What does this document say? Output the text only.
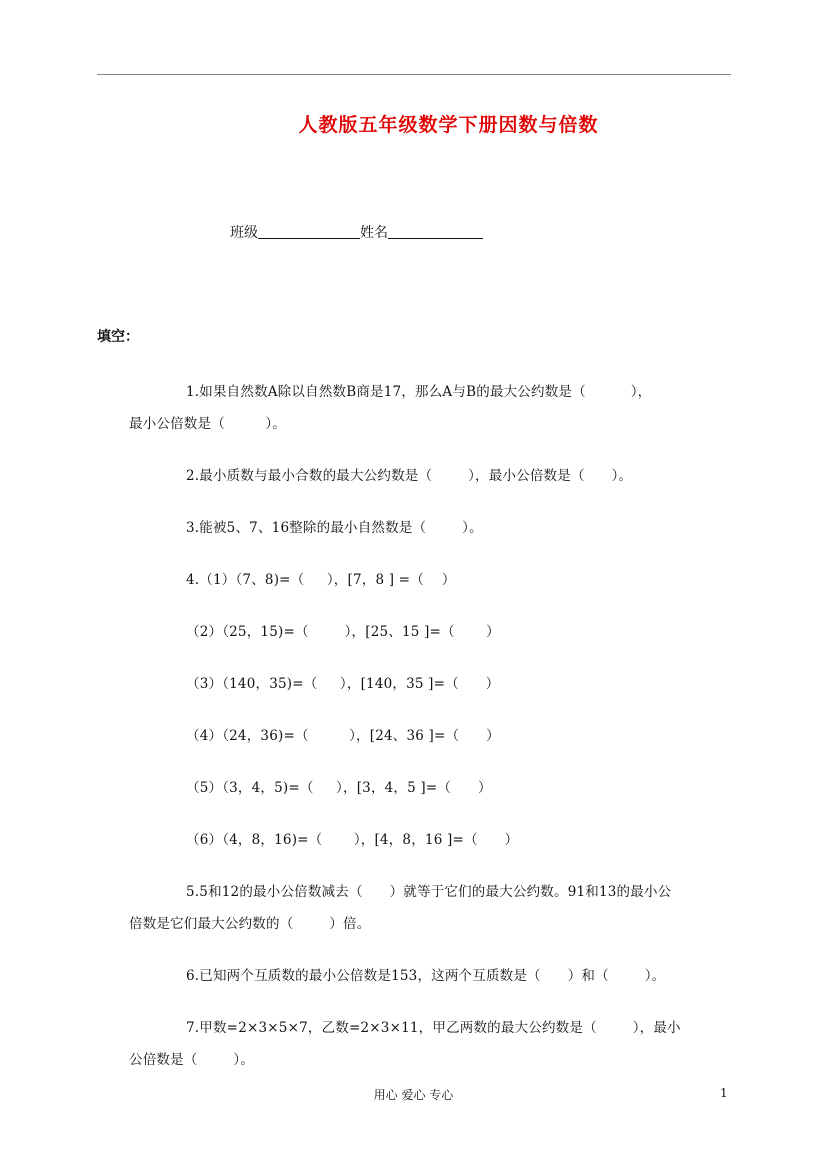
人教版五年级数学下册因数与倍数
班级	姓名
填空：
1.如果自然数A除以自然数B商是17，那么A与B的最大公约数是（          ），
最小公倍数是（         ）。
2.最小质数与最小合数的最大公约数是（        ），最小公倍数是（      ）。
3.能被5、7、16整除的最小自然数是（        ）。
4.（1）（7、8)=（     ），[7，8 ] =（    ）
（2）（25，15)=（        ），[25、15 ]=（       ）
（3）（140，35)=（     ），[140，35 ]=（      ）
（4）（24，36)=（         ），[24、36 ]=（      ）
（5）（3，4，5)=（     ），[3，4，5 ]=（      ）
（6）（4，8，16)=（       ），[4，8，16 ]=（      ）
5.5和12的最小公倍数减去（      ）就等于它们的最大公约数。91和13的最小公
倍数是它们最大公约数的（        ）倍。
6.已知两个互质数的最小公倍数是153，这两个互质数是（      ）和（        ）。
7.甲数=2×3×5×7，乙数=2×3×11，甲乙两数的最大公约数是（        ），最小
公倍数是（        ）。
用心 爱心 专心	1
